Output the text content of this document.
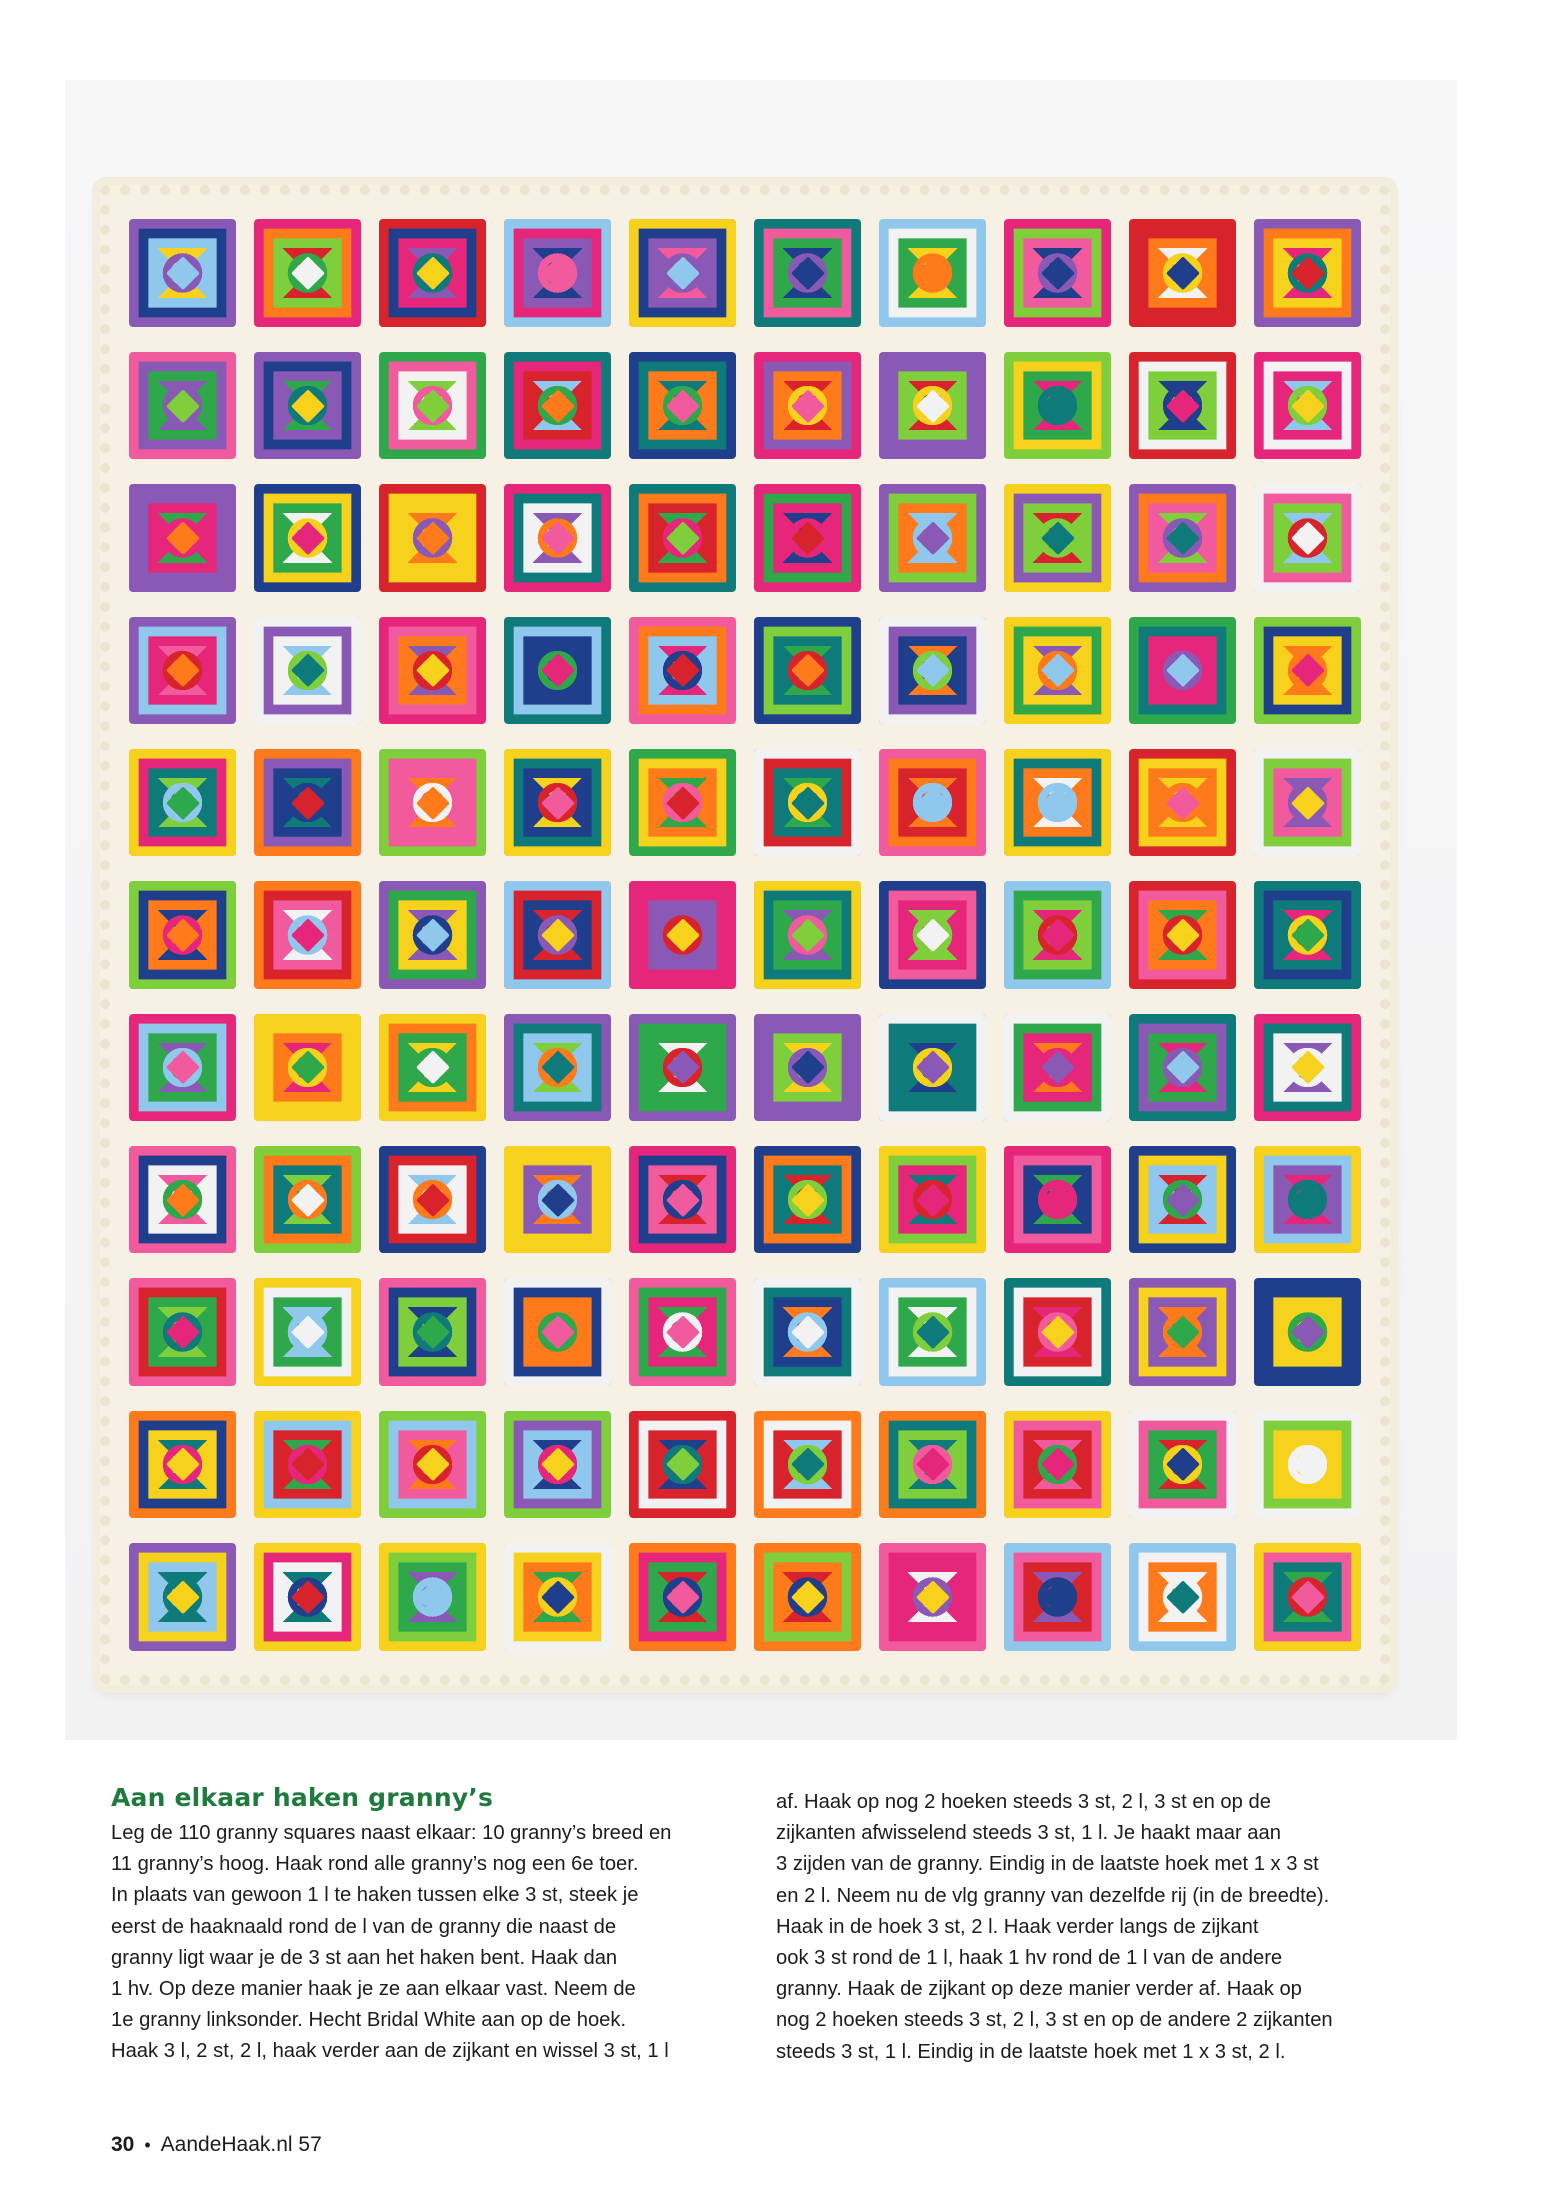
Aan elkaar haken granny’s
Leg de 110 granny squares naast elkaar: 10 granny’s breed en
11 granny’s hoog. Haak rond alle granny’s nog een 6e toer.
In plaats van gewoon 1 l te haken tussen elke 3 st, steek je
eerst de haaknaald rond de l van de granny die naast de
granny ligt waar je de 3 st aan het haken bent. Haak dan
1 hv. Op deze manier haak je ze aan elkaar vast. Neem de
1e granny linksonder. Hecht Bridal White aan op de hoek.
Haak 3 l, 2 st, 2 l, haak verder aan de zijkant en wissel 3 st, 1 l
af. Haak op nog 2 hoeken steeds 3 st, 2 l, 3 st en op de
zijkanten afwisselend steeds 3 st, 1 l. Je haakt maar aan
3 zijden van de granny. Eindig in de laatste hoek met 1 x 3 st
en 2 l. Neem nu de vlg granny van dezelfde rij (in de breedte).
Haak in de hoek 3 st, 2 l. Haak verder langs de zijkant
ook 3 st rond de 1 l, haak 1 hv rond de 1 l van de andere
granny. Haak de zijkant op deze manier verder af. Haak op
nog 2 hoeken steeds 3 st, 2 l, 3 st en op de andere 2 zijkanten
steeds 3 st, 1 l. Eindig in de laatste hoek met 1 x 3 st, 2 l.
30 • AandeHaak.nl 57
